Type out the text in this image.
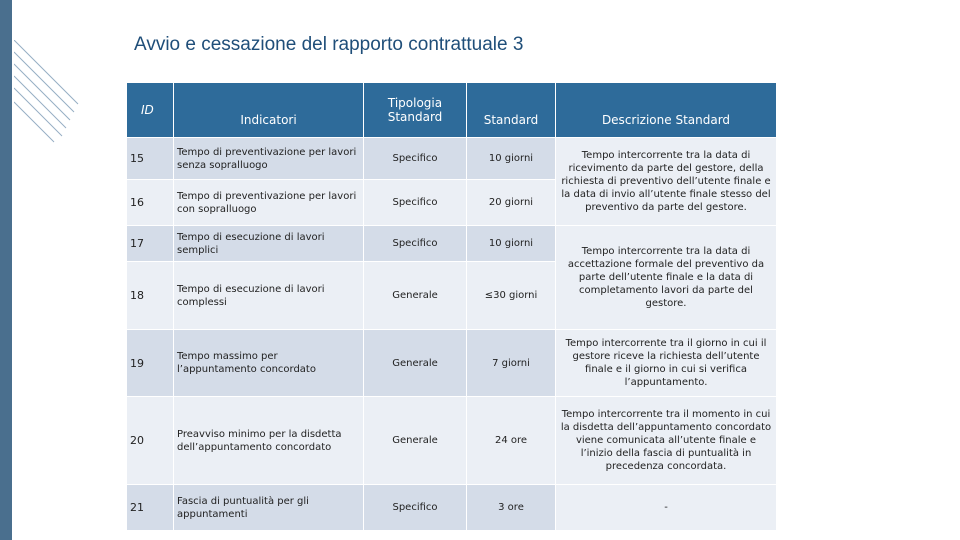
Avvio e cessazione del rapporto contrattuale 3
ID	Indicatori	Tipologia Standard	Standard	Descrizione Standard
15	Tempo di preventivazione per lavori senza sopralluogo	Specifico	10 giorni	Tempo intercorrente tra la data di ricevimento da parte del gestore, della richiesta di preventivo dell’utente finale e la data di invio all’utente finale stesso del preventivo da parte del gestore.
16	Tempo di preventivazione per lavori con sopralluogo	Specifico	20 giorni	
17	Tempo di esecuzione di lavori semplici	Specifico	10 giorni	Tempo intercorrente tra la data di accettazione formale del preventivo da parte dell’utente finale e la data di completamento lavori da parte del gestore.
18	Tempo di esecuzione di lavori complessi	Generale	≤30 giorni	
19	Tempo massimo per l’appuntamento concordato	Generale	7 giorni	Tempo intercorrente tra il giorno in cui il gestore riceve la richiesta dell’utente finale e il giorno in cui si verifica l’appuntamento.
20	Preavviso minimo per la disdetta dell’appuntamento concordato	Generale	24 ore	Tempo intercorrente tra il momento in cui la disdetta dell’appuntamento concordato viene comunicata all’utente finale e l’inizio della fascia di puntualità in precedenza concordata.
21	Fascia di puntualità per gli appuntamenti	Specifico	3 ore	-
